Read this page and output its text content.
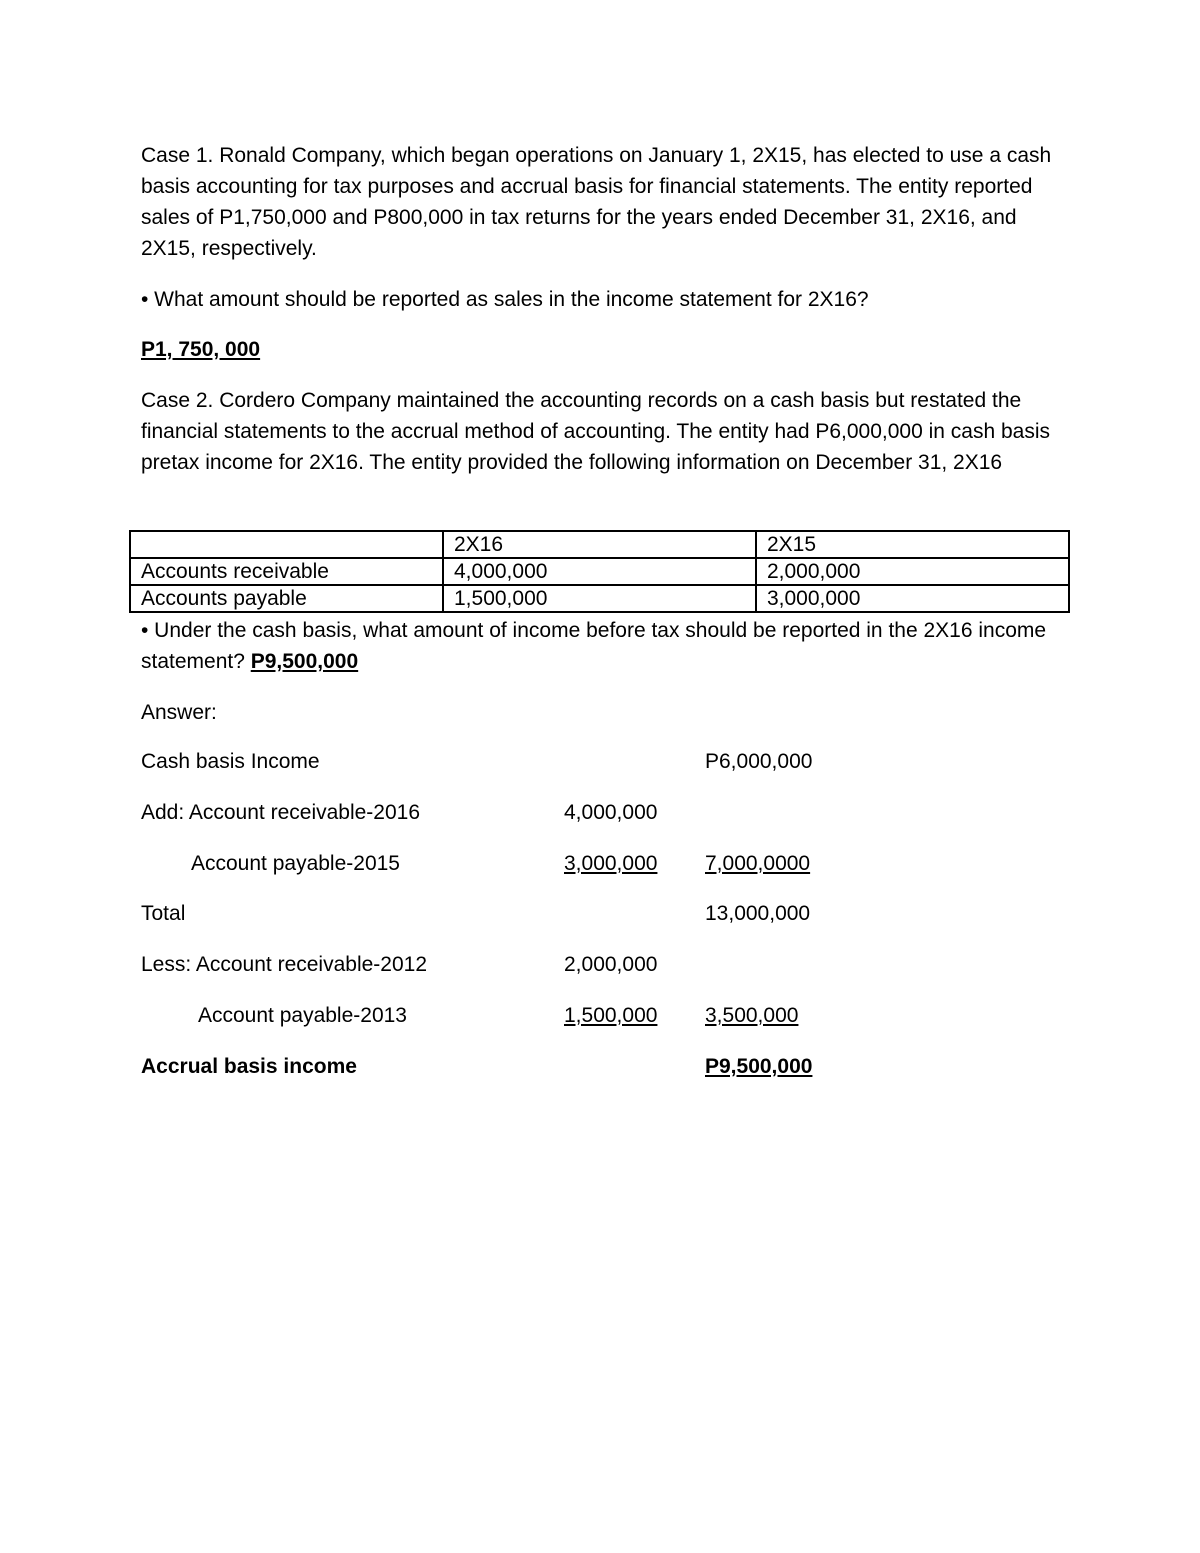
Case 1. Ronald Company, which began operations on January 1, 2X15, has elected to use a cash basis accounting for tax purposes and accrual basis for financial statements. The entity reported sales of P1,750,000 and P800,000 in tax returns for the years ended December 31, 2X16, and 2X15, respectively.

• What amount should be reported as sales in the income statement for 2X16?

P1, 750, 000

Case 2. Cordero Company maintained the accounting records on a cash basis but restated the financial statements to the accrual method of accounting. The entity had P6,000,000 in cash basis pretax income for 2X16. The entity provided the following information on December 31, 2X16

	2X16	2X15
Accounts receivable	4,000,000	2,000,000
Accounts payable	1,500,000	3,000,000

• Under the cash basis, what amount of income before tax should be reported in the 2X16 income statement? P9,500,000

Answer:

Cash basis Income	P6,000,000
Add: Account receivable-2016	4,000,000
Account payable-2015	3,000,000 7,000,0000
Total	13,000,000
Less: Account receivable-2012	2,000,000
Account payable-2013	1,500,000 3,500,000
Accrual basis income	P9,500,000
